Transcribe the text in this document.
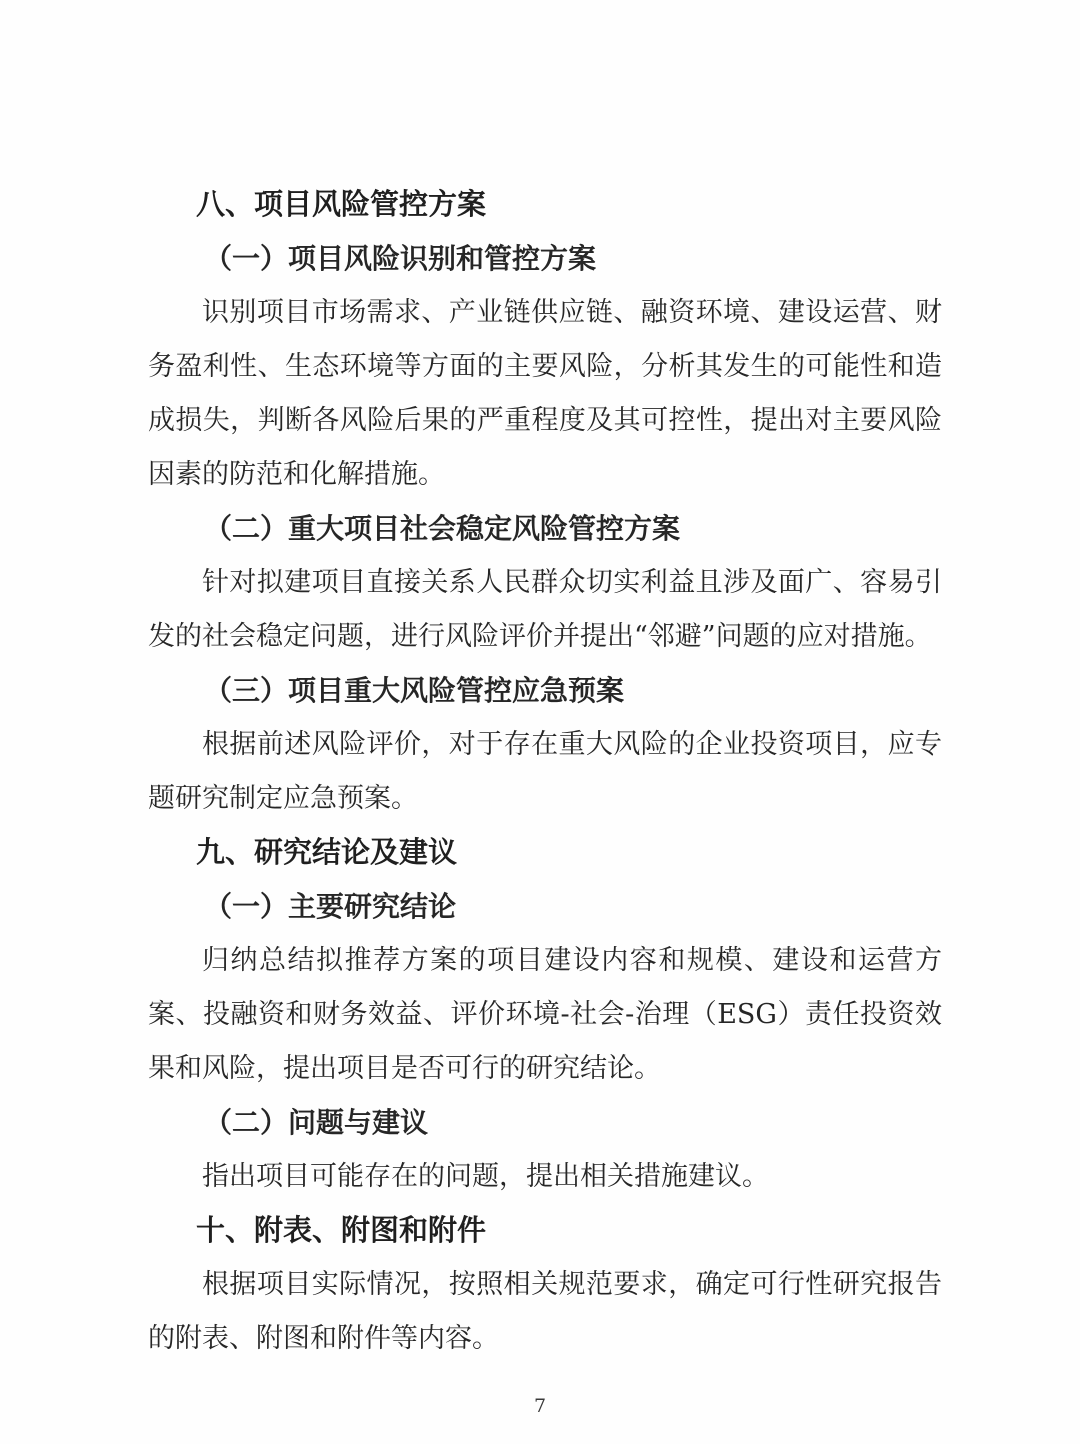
八、项目风险管控方案
（一）项目风险识别和管控方案
识别项目市场需求、产业链供应链、融资环境、建设运营、财务盈利性、生态环境等方面的主要风险，分析其发生的可能性和造成损失，判断各风险后果的严重程度及其可控性，提出对主要风险因素的防范和化解措施。
（二）重大项目社会稳定风险管控方案
针对拟建项目直接关系人民群众切实利益且涉及面广、容易引发的社会稳定问题，进行风险评价并提出“邻避”问题的应对措施。
（三）项目重大风险管控应急预案
根据前述风险评价，对于存在重大风险的企业投资项目，应专题研究制定应急预案。
九、研究结论及建议
（一）主要研究结论
归纳总结拟推荐方案的项目建设内容和规模、建设和运营方案、投融资和财务效益、评价环境-社会-治理（ESG）责任投资效果和风险，提出项目是否可行的研究结论。
（二）问题与建议
指出项目可能存在的问题，提出相关措施建议。
十、附表、附图和附件
根据项目实际情况，按照相关规范要求，确定可行性研究报告的附表、附图和附件等内容。
7
